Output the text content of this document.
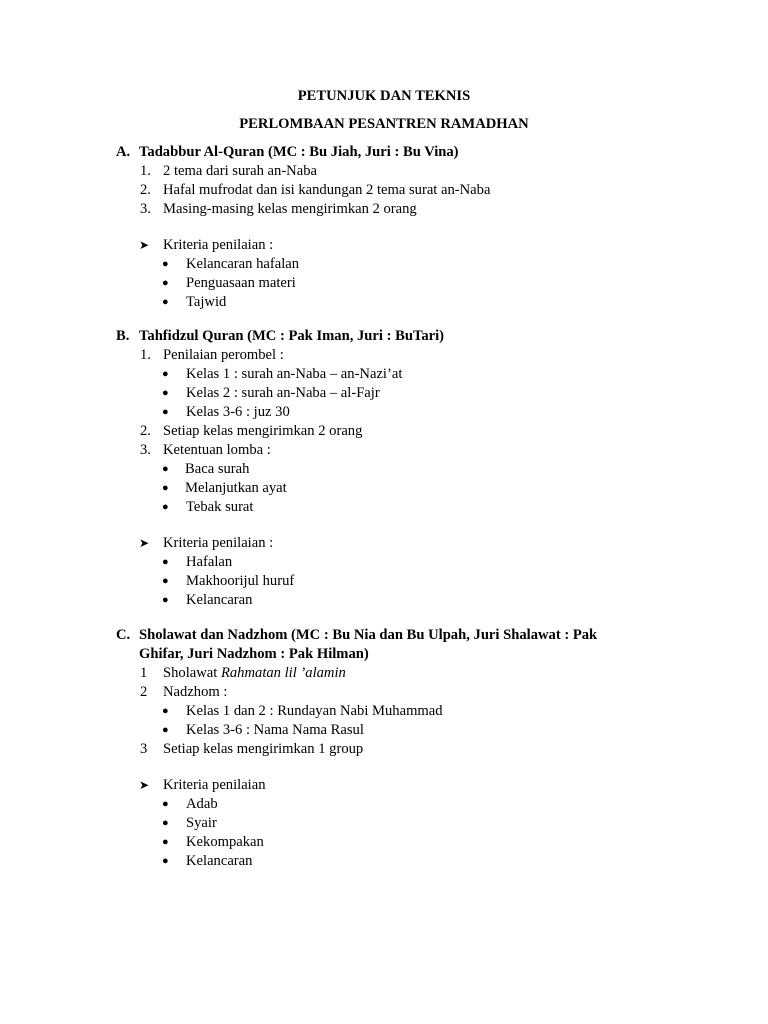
PETUNJUK DAN TEKNIS
PERLOMBAAN PESANTREN RAMADHAN
A. Tadabbur Al-Quran (MC : Bu Jiah, Juri : Bu Vina)
1. 2 tema dari surah an-Naba
2. Hafal mufrodat dan isi kandungan 2 tema surat an-Naba
3. Masing-masing kelas mengirimkan 2 orang
➤ Kriteria penilaian :
● Kelancaran hafalan
● Penguasaan materi
● Tajwid
B. Tahfidzul Quran (MC : Pak Iman, Juri : BuTari)
1. Penilaian perombel :
● Kelas 1 : surah an-Naba – an-Nazi’at
● Kelas 2 : surah an-Naba – al-Fajr
● Kelas 3-6 : juz 30
2. Setiap kelas mengirimkan 2 orang
3. Ketentuan lomba :
● Baca surah
● Melanjutkan ayat
● Tebak surat
➤ Kriteria penilaian :
● Hafalan
● Makhoorijul huruf
● Kelancaran
C. Sholawat dan Nadzhom (MC : Bu Nia dan Bu Ulpah, Juri Shalawat : Pak
Ghifar, Juri Nadzhom : Pak Hilman)
1 Sholawat Rahmatan lil ’alamin
2 Nadzhom :
● Kelas 1 dan 2 : Rundayan Nabi Muhammad
● Kelas 3-6 : Nama Nama Rasul
3 Setiap kelas mengirimkan 1 group
➤ Kriteria penilaian
● Adab
● Syair
● Kekompakan
● Kelancaran
